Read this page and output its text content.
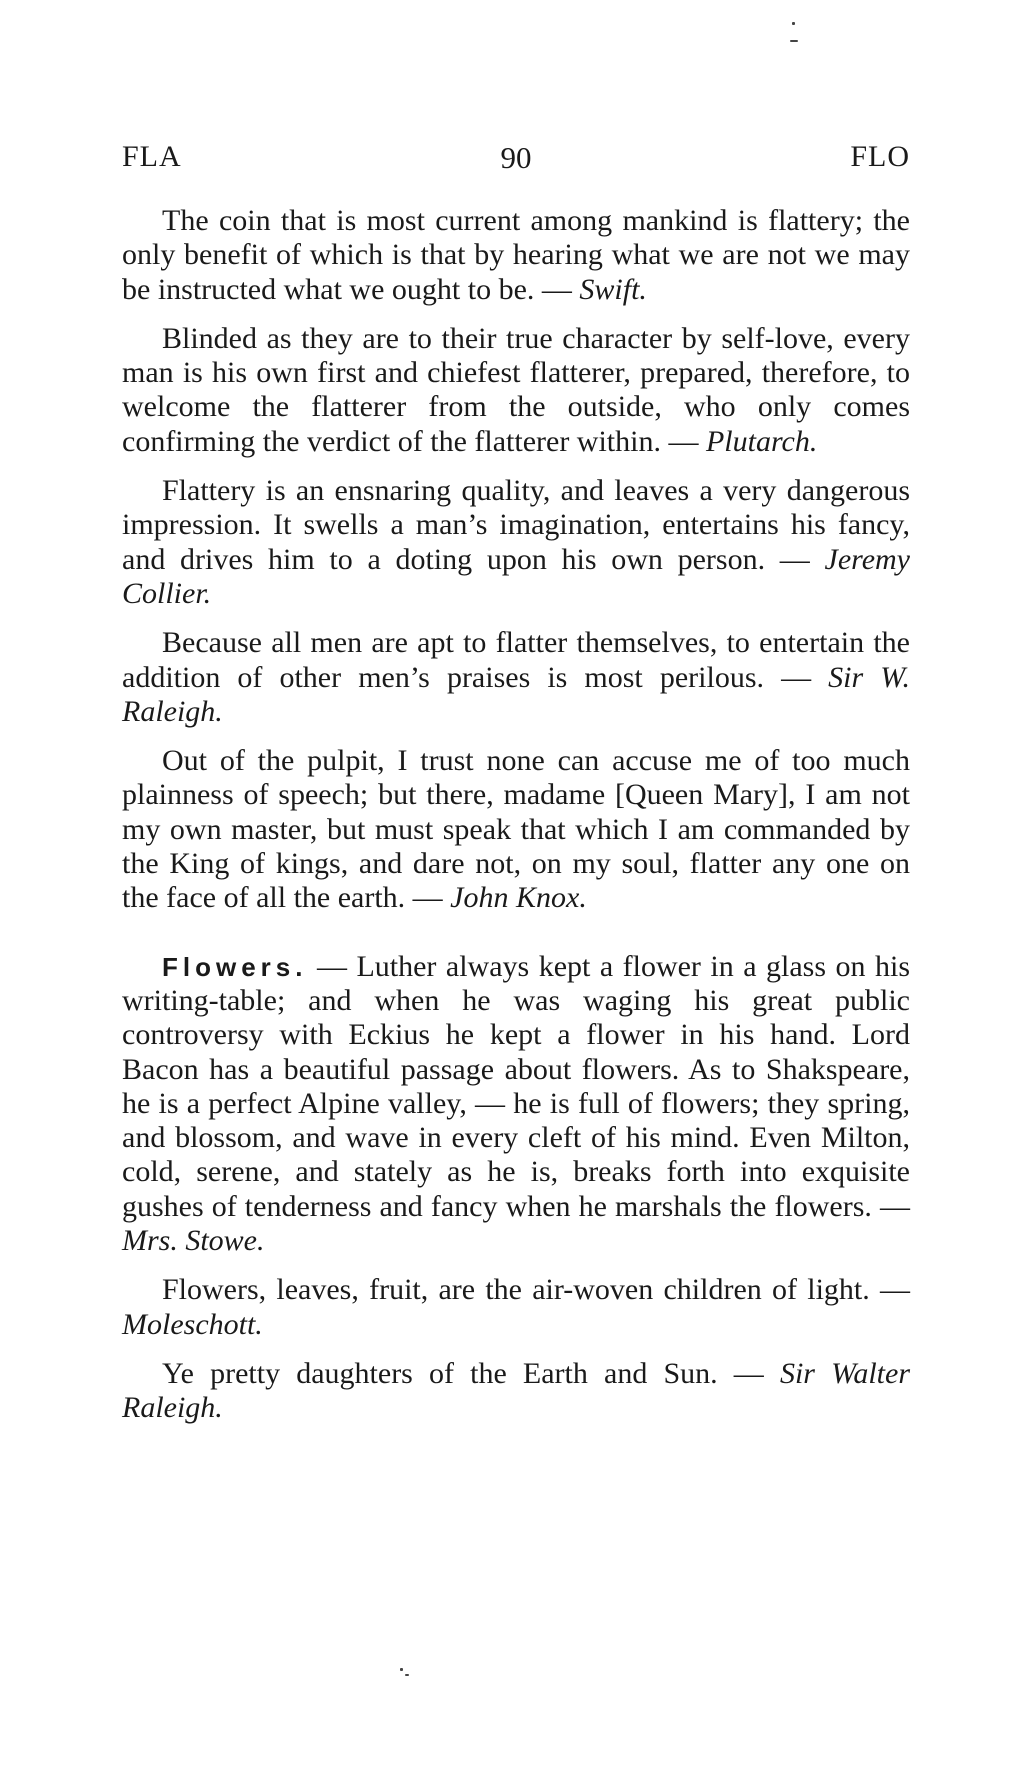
FLA	90	FLO

The coin that is most current among mankind is flattery; the only benefit of which is that by hearing what we are not we may be instructed what we ought to be. — Swift.

Blinded as they are to their true character by self-love, every man is his own first and chiefest flatterer, prepared, therefore, to welcome the flatterer from the outside, who only comes confirming the verdict of the flatterer within. — Plutarch.

Flattery is an ensnaring quality, and leaves a very dangerous impression. It swells a man’s imagination, entertains his fancy, and drives him to a doting upon his own person. — Jeremy Collier.

Because all men are apt to flatter themselves, to entertain the addition of other men’s praises is most perilous. — Sir W. Raleigh.

Out of the pulpit, I trust none can accuse me of too much plainness of speech; but there, madame [Queen Mary], I am not my own master, but must speak that which I am commanded by the King of kings, and dare not, on my soul, flatter any one on the face of all the earth. — John Knox.

Flowers. — Luther always kept a flower in a glass on his writing-table; and when he was waging his great public controversy with Eckius he kept a flower in his hand. Lord Bacon has a beautiful passage about flowers. As to Shakspeare, he is a perfect Alpine valley, — he is full of flowers; they spring, and blossom, and wave in every cleft of his mind. Even Milton, cold, serene, and stately as he is, breaks forth into exquisite gushes of tenderness and fancy when he marshals the flowers. — Mrs. Stowe.

Flowers, leaves, fruit, are the air-woven children of light. — Moleschott.

Ye pretty daughters of the Earth and Sun. — Sir Walter Raleigh.
